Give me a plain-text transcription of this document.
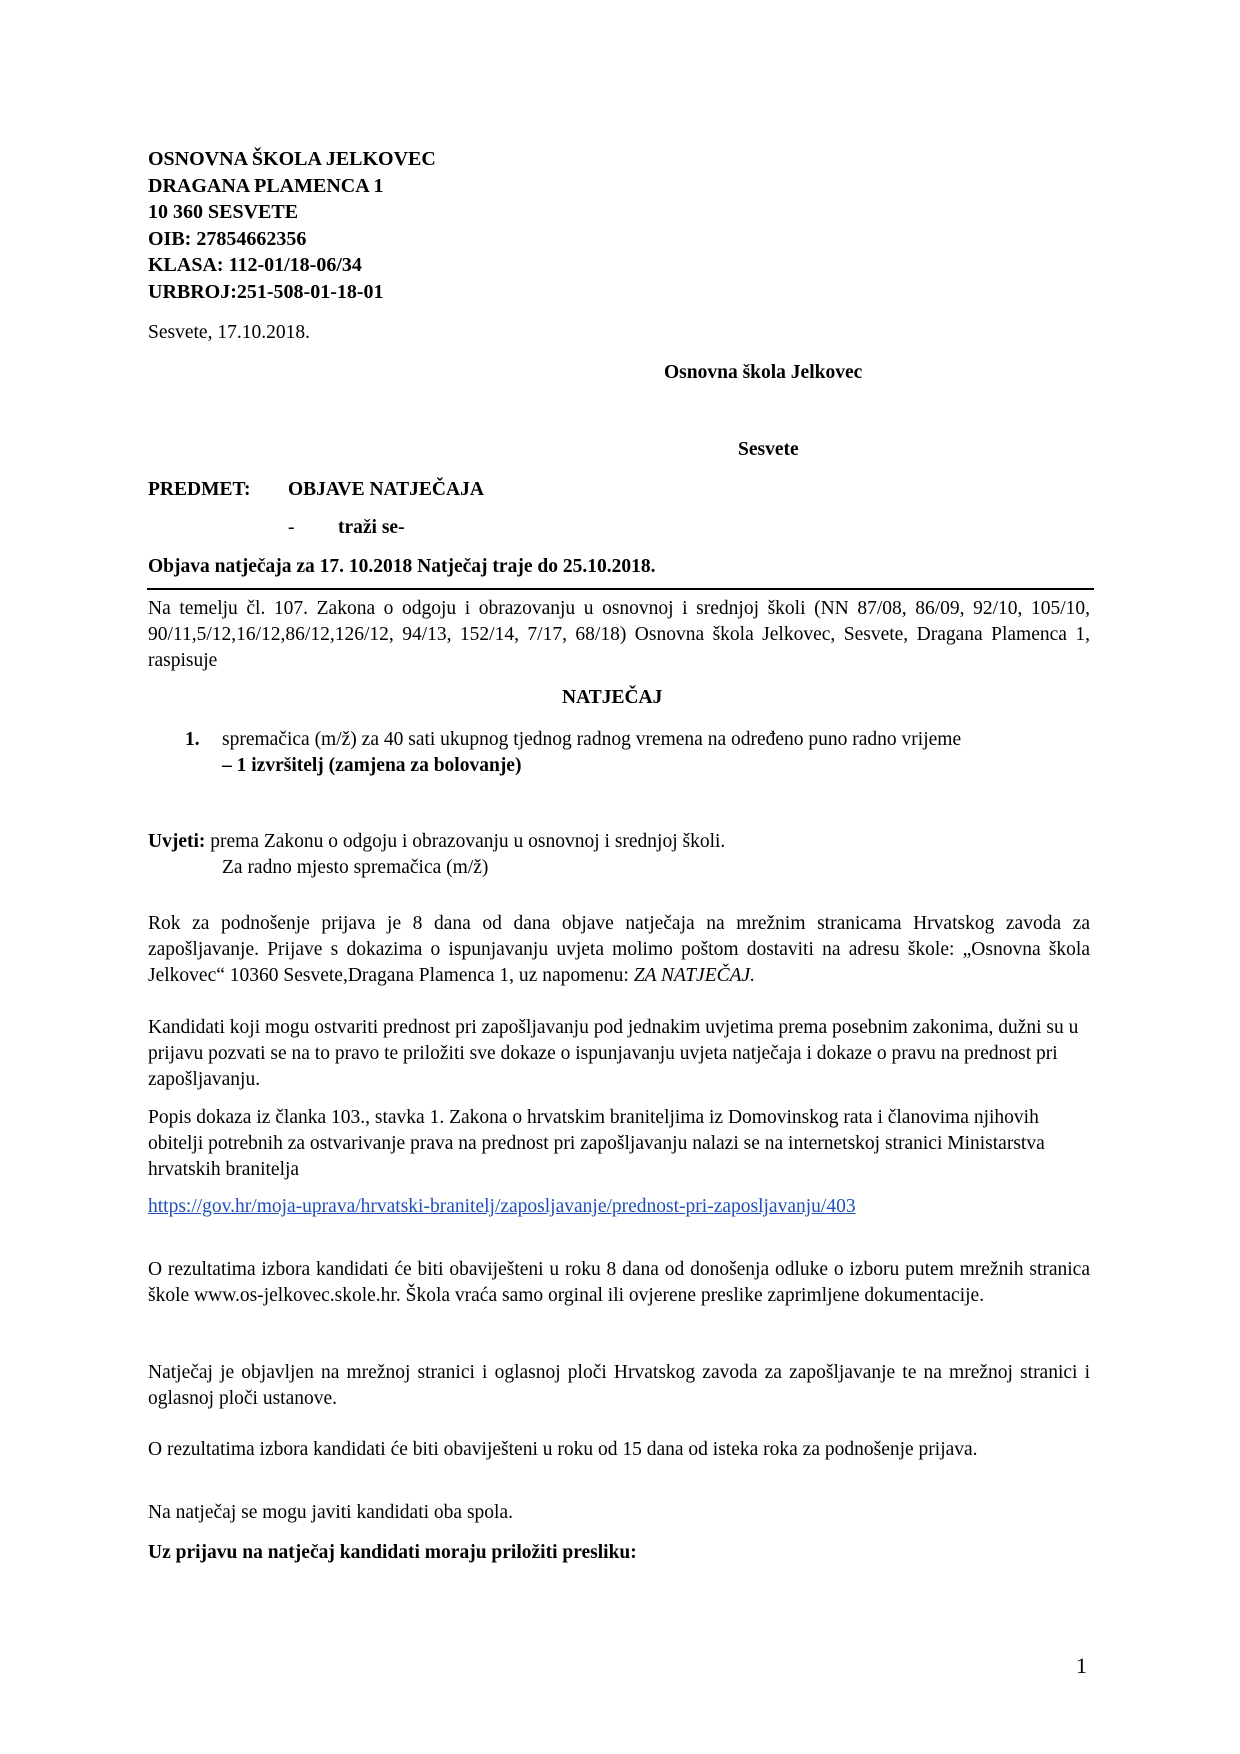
OSNOVNA ŠKOLA JELKOVEC
DRAGANA PLAMENCA 1
10 360 SESVETE
OIB: 27854662356
KLASA: 112-01/18-06/34
URBROJ:251-508-01-18-01
Sesvete, 17.10.2018.
Osnovna škola Jelkovec
Sesvete
PREDMET: OBJAVE NATJEČAJA
- traži se-
Objava natječaja za 17. 10.2018 Natječaj traje do 25.10.2018.
Na temelju čl. 107. Zakona o odgoju i obrazovanju u osnovnoj i srednjoj školi (NN 87/08, 86/09, 92/10, 105/10, 90/11,5/12,16/12,86/12,126/12, 94/13, 152/14, 7/17, 68/18) Osnovna škola Jelkovec, Sesvete, Dragana Plamenca 1, raspisuje
NATJEČAJ
1. spremačica (m/ž) za 40 sati ukupnog tjednog radnog vremena na određeno puno radno vrijeme
– 1 izvršitelj (zamjena za bolovanje)
Uvjeti: prema Zakonu o odgoju i obrazovanju u osnovnoj i srednjoj školi.
Za radno mjesto spremačica (m/ž)
Rok za podnošenje prijava je 8 dana od dana objave natječaja na mrežnim stranicama Hrvatskog zavoda za zapošljavanje. Prijave s dokazima o ispunjavanju uvjeta molimo poštom dostaviti na adresu škole: „Osnovna škola Jelkovec“ 10360 Sesvete,Dragana Plamenca 1, uz napomenu: ZA NATJEČAJ.
Kandidati koji mogu ostvariti prednost pri zapošljavanju pod jednakim uvjetima prema posebnim zakonima, dužni su u prijavu pozvati se na to pravo te priložiti sve dokaze o ispunjavanju uvjeta natječaja i dokaze o pravu na prednost pri zapošljavanju.
Popis dokaza iz članka 103., stavka 1. Zakona o hrvatskim braniteljima iz Domovinskog rata i članovima njihovih obitelji potrebnih za ostvarivanje prava na prednost pri zapošljavanju nalazi se na internetskoj stranici Ministarstva hrvatskih branitelja
https://gov.hr/moja-uprava/hrvatski-branitelj/zaposljavanje/prednost-pri-zaposljavanju/403
O rezultatima izbora kandidati će biti obaviješteni u roku 8 dana od donošenja odluke o izboru putem mrežnih stranica škole www.os-jelkovec.skole.hr. Škola vraća samo orginal ili ovjerene preslike zaprimljene dokumentacije.
Natječaj je objavljen na mrežnoj stranici i oglasnoj ploči Hrvatskog zavoda za zapošljavanje te na mrežnoj stranici i oglasnoj ploči ustanove.
O rezultatima izbora kandidati će biti obaviješteni u roku od 15 dana od isteka roka za podnošenje prijava.
Na natječaj se mogu javiti kandidati oba spola.
Uz prijavu na natječaj kandidati moraju priložiti presliku:
1
